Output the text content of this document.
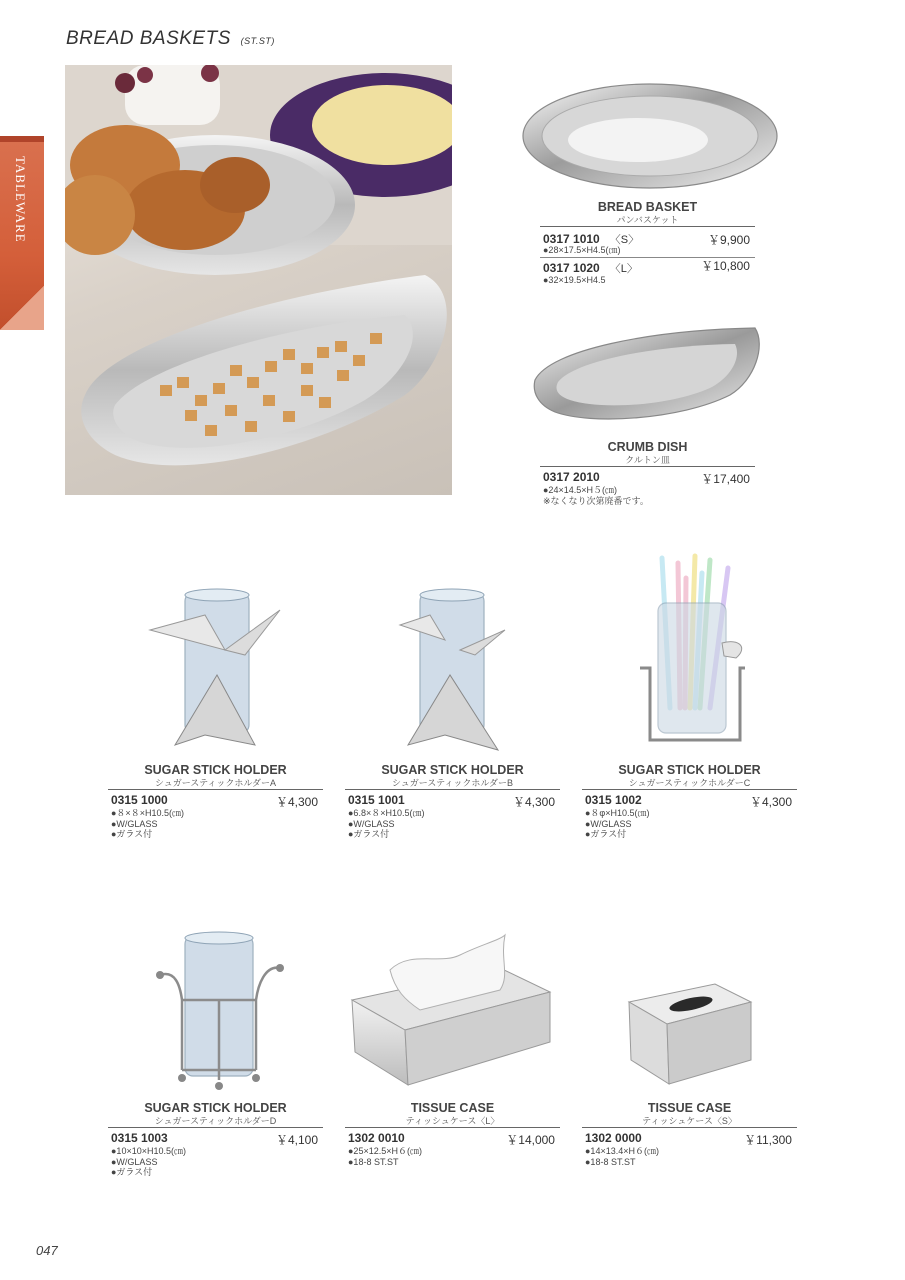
BREAD BASKETS (ST.ST)
TABLEWARE	BREAD BASKET
パンバスケット
0317 1010 〈S〉	￥9,900
●28×17.5×H4.5(㎝)
0317 1020 〈L〉	￥10,800
●32×19.5×H4.5
CRUMB DISH
クルトン皿
0317 2010	￥17,400
●24×14.5×H５(㎝)
※なくなり次第廃番です。
SUGAR STICK HOLDER
シュガースティックホルダーA
0315 1000	￥4,300
●８×８×H10.5(㎝)
●W/GLASS
●ガラス付
SUGAR STICK HOLDER
シュガースティックホルダーB
0315 1001	￥4,300
●6.8×８×H10.5(㎝)
●W/GLASS
●ガラス付
SUGAR STICK HOLDER
シュガースティックホルダーC
0315 1002	￥4,300
●８φ×H10.5(㎝)
●W/GLASS
●ガラス付
SUGAR STICK HOLDER
シュガースティックホルダーD
0315 1003	￥4,100
●10×10×H10.5(㎝)
●W/GLASS
●ガラス付
TISSUE CASE
ティッシュケース〈L〉
1302 0010	￥14,000
●25×12.5×H６(㎝)
●18-8 ST.ST
TISSUE CASE
ティッシュケース〈S〉
1302 0000	￥11,300
●14×13.4×H６(㎝)
●18-8 ST.ST
047
